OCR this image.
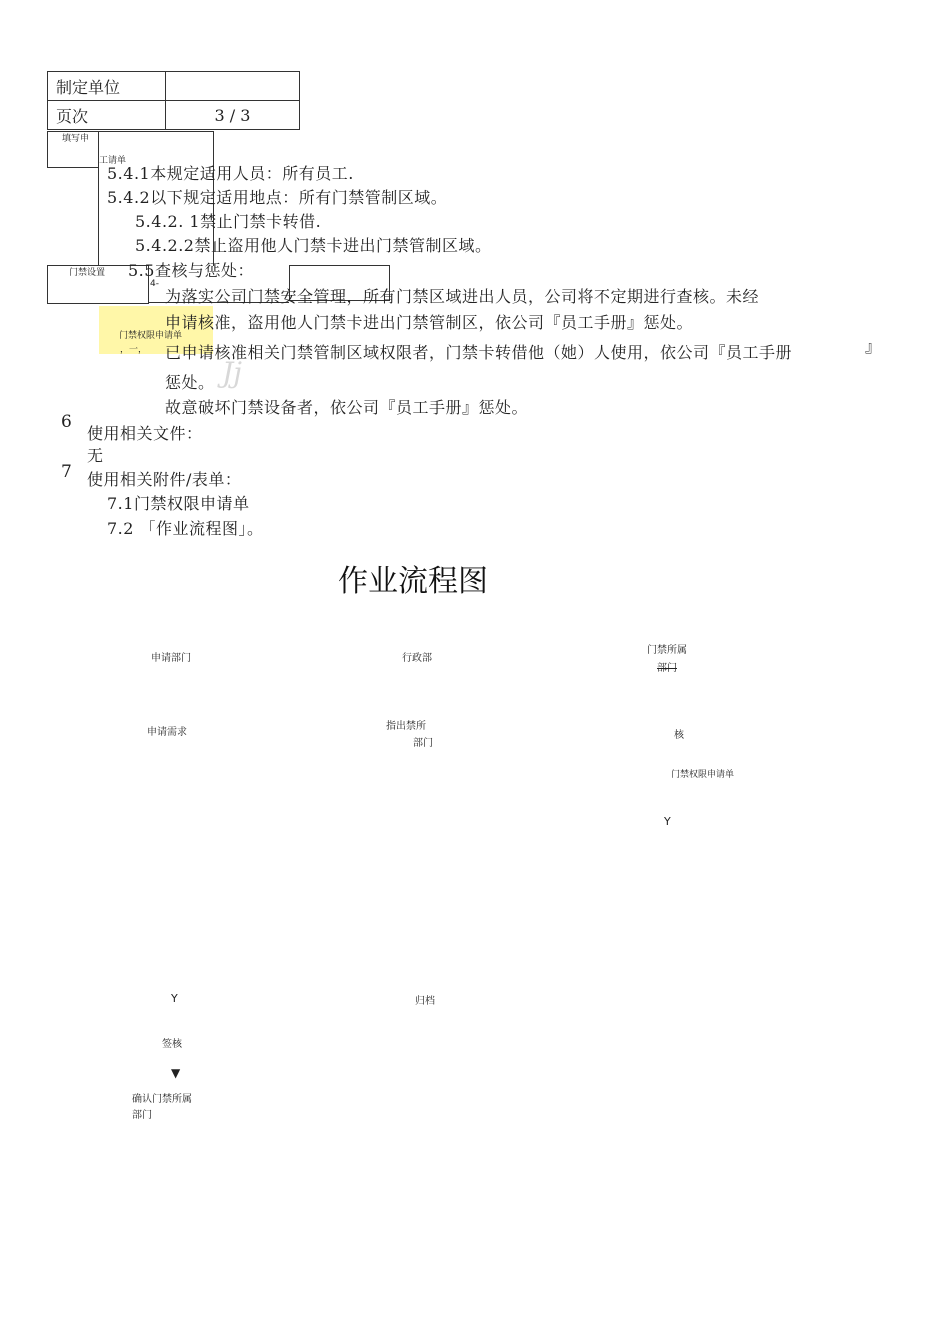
制定单位	
页次	3 / 3
填写申
工请单
门禁设置
4-
门禁权限申请单
5.4.1本规定适用人员：所有员工.
5.4.2以下规定适用地点：所有门禁管制区域。
5.4.2. 1禁止门禁卡转借.
5.4.2.2禁止盗用他人门禁卡进出门禁管制区域。
5.5查核与惩处：
为落实公司门禁安全管理，所有门禁区域进出人员，公司将不定期进行查核。未经
申请核准，盗用他人门禁卡进出门禁管制区，依公司『员工手册』惩处。
，一， 已申请核准相关门禁管制区域权限者，门禁卡转借他（她）人使用，依公司『员工手册	』
惩处。 Jj
故意破坏门禁设备者，依公司『员工手册』惩处。
6
使用相关文件：
无
7 使用相关附件/表单：
7.1门禁权限申请单
7.2 「作业流程图」。
作业流程图
申请部门	行政部
门禁所属
部门
申请需求
指出禁所
部门
核
门禁权限申请单
Y
Y	归档
签核
▼
确认门禁所属
部门
